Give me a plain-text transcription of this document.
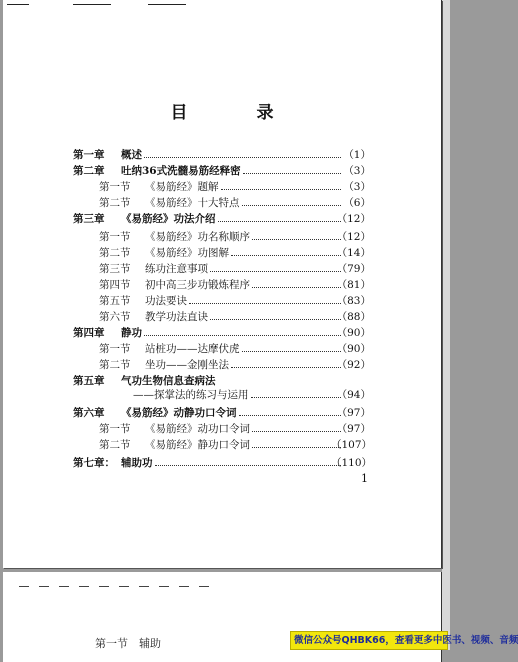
目　录
第一章 概述	（1）
第二章 吐纳36式洗髓易筋经释密	（3）
第一节 《易筋经》题解	（3）
第二节 《易筋经》十大特点	（6）
第三章 《易筋经》功法介绍	（12）
第一节 《易筋经》功名称顺序	（12）
第二节 《易筋经》功图解	（14）
第三节 练功注意事项	（79）
第四节 初中高三步功锻炼程序	（81）
第五节 功法要诀	（83）
第六节 教学功法直诀	（88）
第四章 静功	（90）
第一节 站桩功——达摩伏虎	（90）
第二节 坐功——金刚坐法	（92）
第五章 气功生物信息查病法
——探掌法的练习与运用	（94）
第六章 《易筋经》动静功口令词	（97）
第一节 《易筋经》动功口令词	（97）
第二节 《易筋经》静功口令词	（107）
第七章： 辅助功	（110）
1
第一节　辅助	微信公众号QHBK66，查看更多中医书、视频、音频
